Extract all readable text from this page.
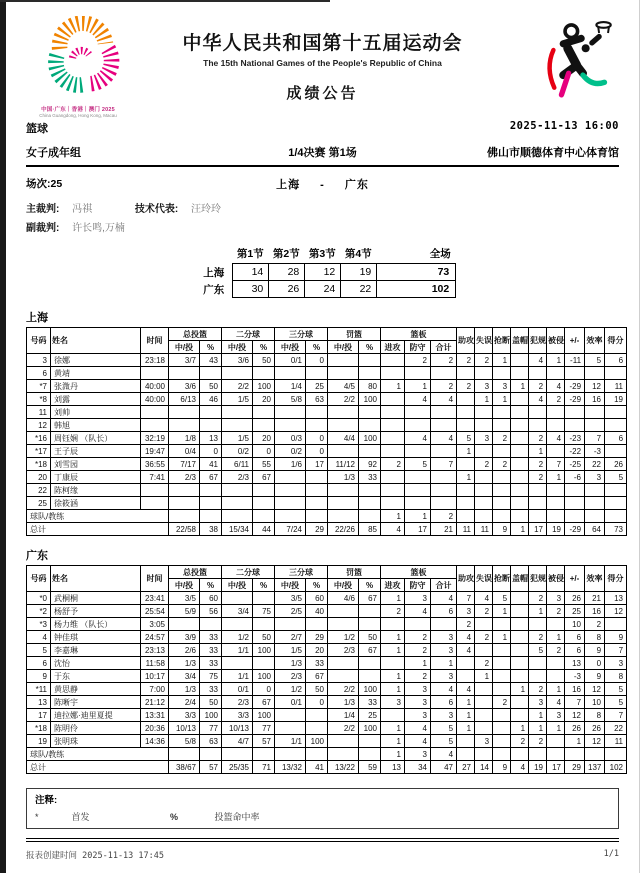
中国·广东｜香港｜澳门 2025
China Guangdong, Hong Kong, Macau
中华人民共和国第十五届运动会
The 15th National Games of the People's Republic of China
成绩公告
篮球	2025-11-13 16:00
女子成年组	1/4决赛 第1场	佛山市顺德体育中心体育馆
场次:25	上海 - 广东
主裁判: 冯祺	技术代表: 汪玲玲
副裁判: 许长鸣,万楠
	第1节	第2节	第3节	第4节	全场
上海	14	28	12	19	73
广东	30	26	24	22	102
上海
号码	姓名	时间	总投篮		二分球		三分球		罚篮		篮板			助攻	失误	抢断	盖帽	犯规	被侵	+/-	效率	得分
			中/投	%	中/投	%	中/投	%	中/投	%	进攻	防守	合计									
3	徐娜	23:18	3/7	43	3/6	50	0/1	0				2	2	2	2	1		4	1	-11	5	6
6	黄靖																					
*7	张溦丹	40:00	3/6	50	2/2	100	1/4	25	4/5	80	1	1	2	2	3	3	1	2	4	-29	12	11
*8	刘露	40:00	6/13	46	1/5	20	5/8	63	2/2	100		4	4		1	1		4	2	-29	16	19
11	刘帅																					
12	韩旭																					
*16	周钰娴 （队长）	32:19	1/8	13	1/5	20	0/3	0	4/4	100		4	4	5	3	2		2	4	-23	7	6
*17	王子辰	19:47	0/4	0	0/2	0	0/2	0						1				1		-22	-3	
*18	刘雪园	36:55	7/17	41	6/11	55	1/6	17	11/12	92	2	5	7		2	2		2	7	-25	22	26
20	丁康辰	7:41	2/3	67	2/3	67			1/3	33				1				2	1	-6	3	5
22	陈柯缘																					
25	徐筱涵																					
球队/教练											1	1	2									
总计			22/58	38	15/34	44	7/24	29	22/26	85	4	17	21	11	11	9	1	17	19	-29	64	73
广东
号码	姓名	时间	总投篮		二分球		三分球		罚篮		篮板			助攻	失误	抢断	盖帽	犯规	被侵	+/-	效率	得分
			中/投	%	中/投	%	中/投	%	中/投	%	进攻	防守	合计									
*0	武桐桐	23:41	3/5	60			3/5	60	4/6	67	1	3	4	7	4	5		2	3	26	21	13
*2	杨舒予	25:54	5/9	56	3/4	75	2/5	40			2	4	6	3	2	1		1	2	25	16	12
*3	杨力维 （队长）	3:05												2						10	2	
4	钟佳琪	24:57	3/9	33	1/2	50	2/7	29	1/2	50	1	2	3	4	2	1		2	1	6	8	9
5	李嘉琳	23:13	2/6	33	1/1	100	1/5	20	2/3	67	1	2	3	4				5	2	6	9	7
6	沈怡	11:58	1/3	33			1/3	33				1	1		2					13	0	3
9	于东	10:17	3/4	75	1/1	100	2/3	67			1	2	3		1					-3	9	8
*11	黄思静	7:00	1/3	33	0/1	0	1/2	50	2/2	100	1	3	4	4			1	2	1	16	12	5
13	陈晰宇	21:12	2/4	50	2/3	67	0/1	0	1/3	33	3	3	6	1		2		3	4	7	10	5
17	迪拉娜·迪里夏提	13:31	3/3	100	3/3	100			1/4	25		3	3	1				1	3	12	8	7
*18	陈明伶	20:36	10/13	77	10/13	77			2/2	100	1	4	5	1			1	1	1	26	26	22
19	张明珠	14:36	5/8	63	4/7	57	1/1	100			1	4	5		3		2	2		1	12	11
球队/教练											1	3	4									
总计			38/67	57	25/35	71	13/32	41	13/22	59	13	34	47	27	14	9	4	19	17	29	137	102
注释:
*	首发	%	投篮命中率
报表创建时间 2025-11-13 17:45	1/1
